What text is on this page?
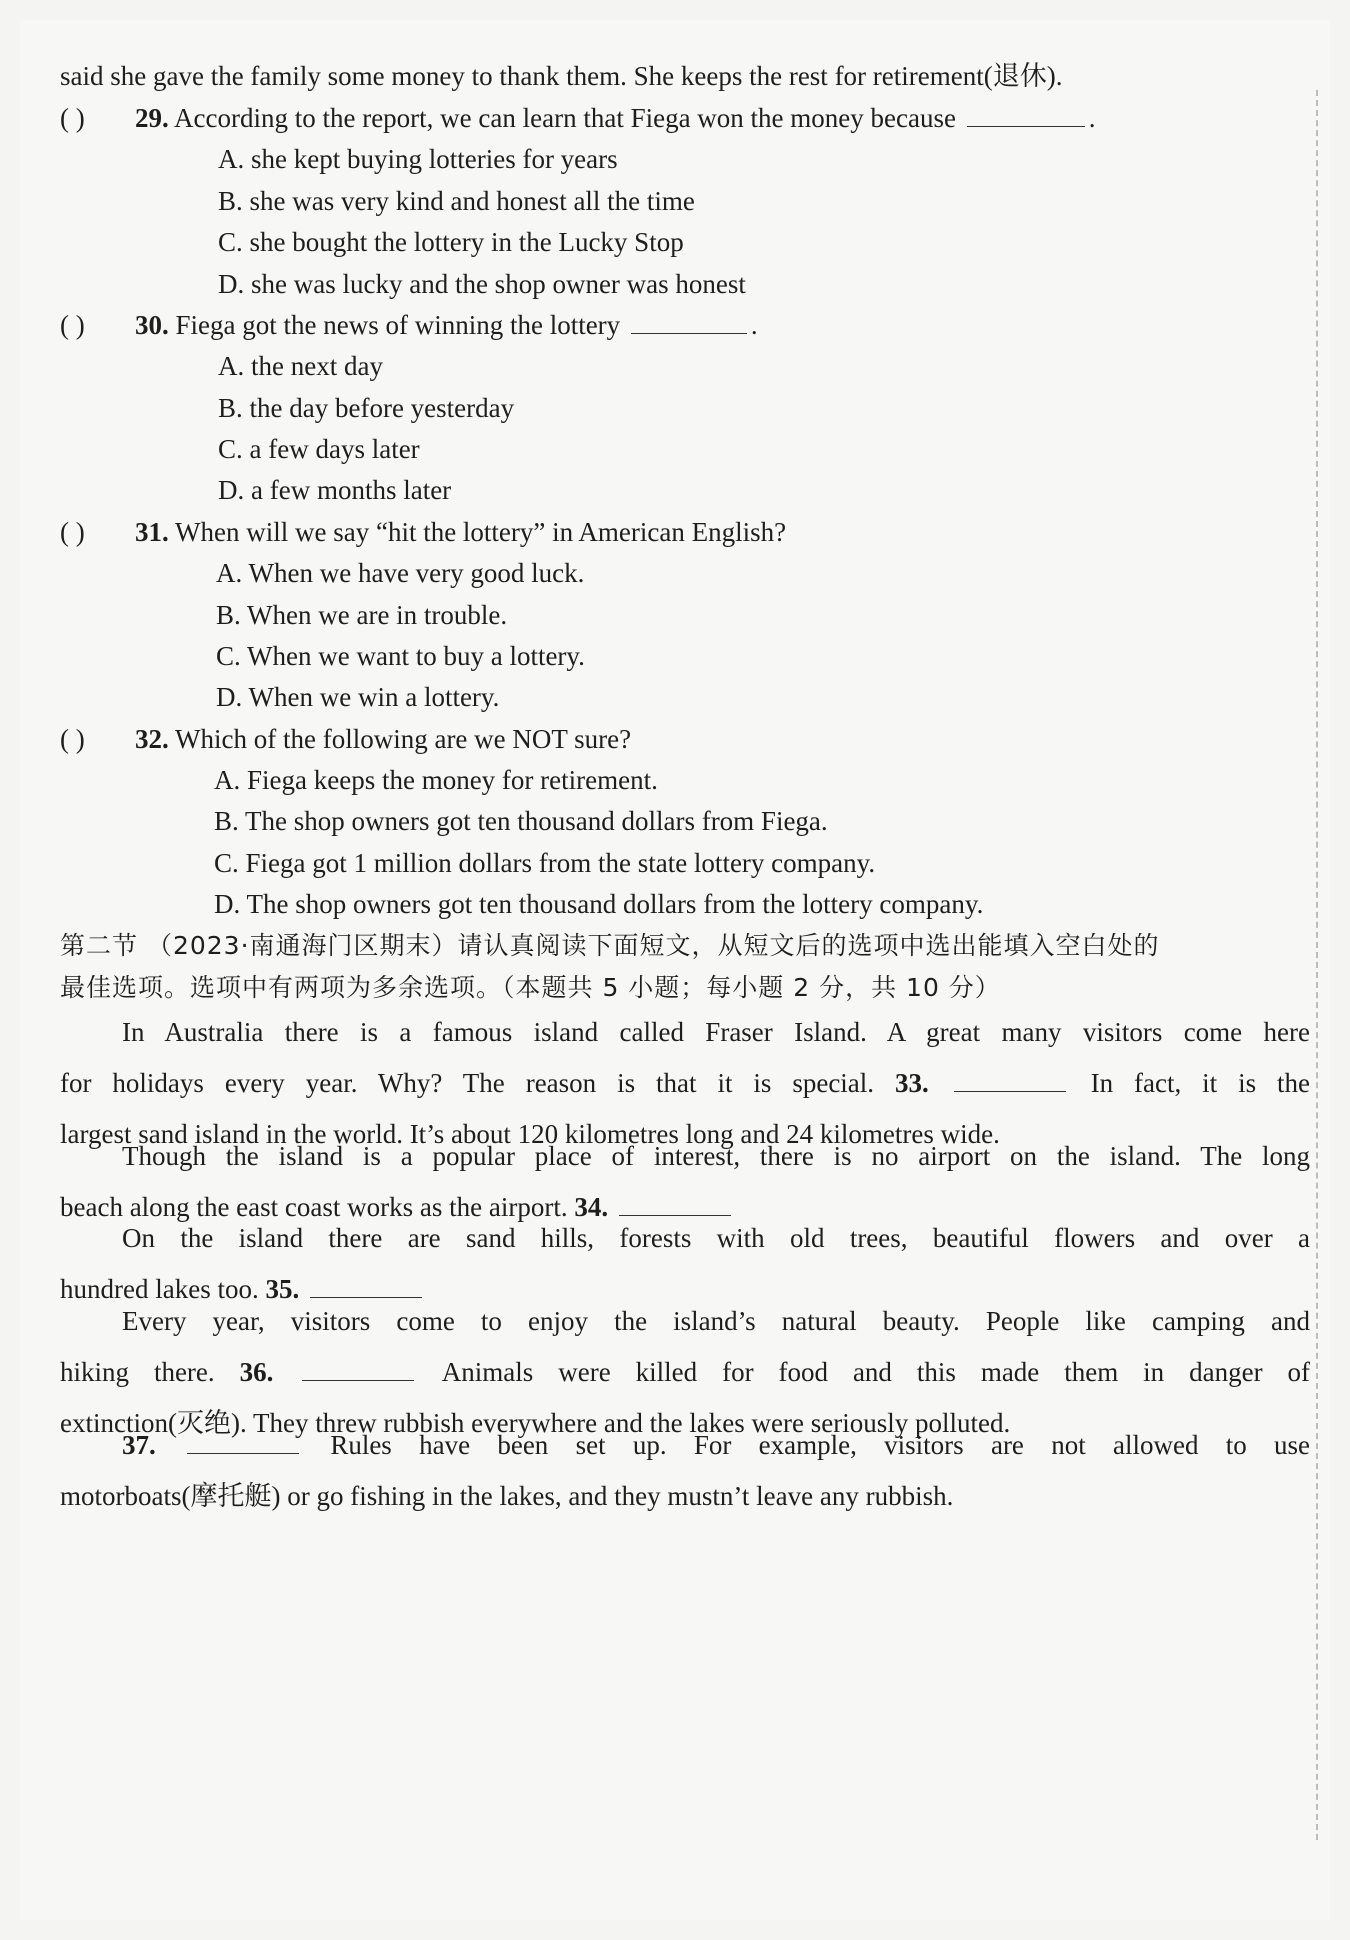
said she gave the family some money to thank them. She keeps the rest for retirement(退休).
( ) 29. According to the report, we can learn that Fiega won the money because	.
A. she kept buying lotteries for years
B. she was very kind and honest all the time
C. she bought the lottery in the Lucky Stop
D. she was lucky and the shop owner was honest
( ) 30. Fiega got the news of winning the lottery	.
A. the next day
B. the day before yesterday
C. a few days later
D. a few months later
( ) 31. When will we say “hit the lottery” in American English?
A. When we have very good luck.
B. When we are in trouble.
C. When we want to buy a lottery.
D. When we win a lottery.
( ) 32. Which of the following are we NOT sure?
A. Fiega keeps the money for retirement.
B. The shop owners got ten thousand dollars from Fiega.
C. Fiega got 1 million dollars from the state lottery company.
D. The shop owners got ten thousand dollars from the lottery company.
第二节 （2023·南通海门区期末）请认真阅读下面短文，从短文后的选项中选出能填入空白处的
最佳选项。选项中有两项为多余选项。（本题共 5 小题；每小题 2 分，共 10 分）
In Australia there is a famous island called Fraser Island. A great many visitors come here
for holidays every year. Why? The reason is that it is special. 33.	In fact, it is the
largest sand island in the world. It’s about 120 kilometres long and 24 kilometres wide.
Though the island is a popular place of interest, there is no airport on the island. The long
beach along the east coast works as the airport. 34.
On the island there are sand hills, forests with old trees, beautiful flowers and over a
hundred lakes too. 35.
Every year, visitors come to enjoy the island’s natural beauty. People like camping and
hiking there. 36.	Animals were killed for food and this made them in danger of
extinction(灭绝). They threw rubbish everywhere and the lakes were seriously polluted.
37.	Rules have been set up. For example, visitors are not allowed to use
motorboats(摩托艇) or go fishing in the lakes, and they mustn’t leave any rubbish.
